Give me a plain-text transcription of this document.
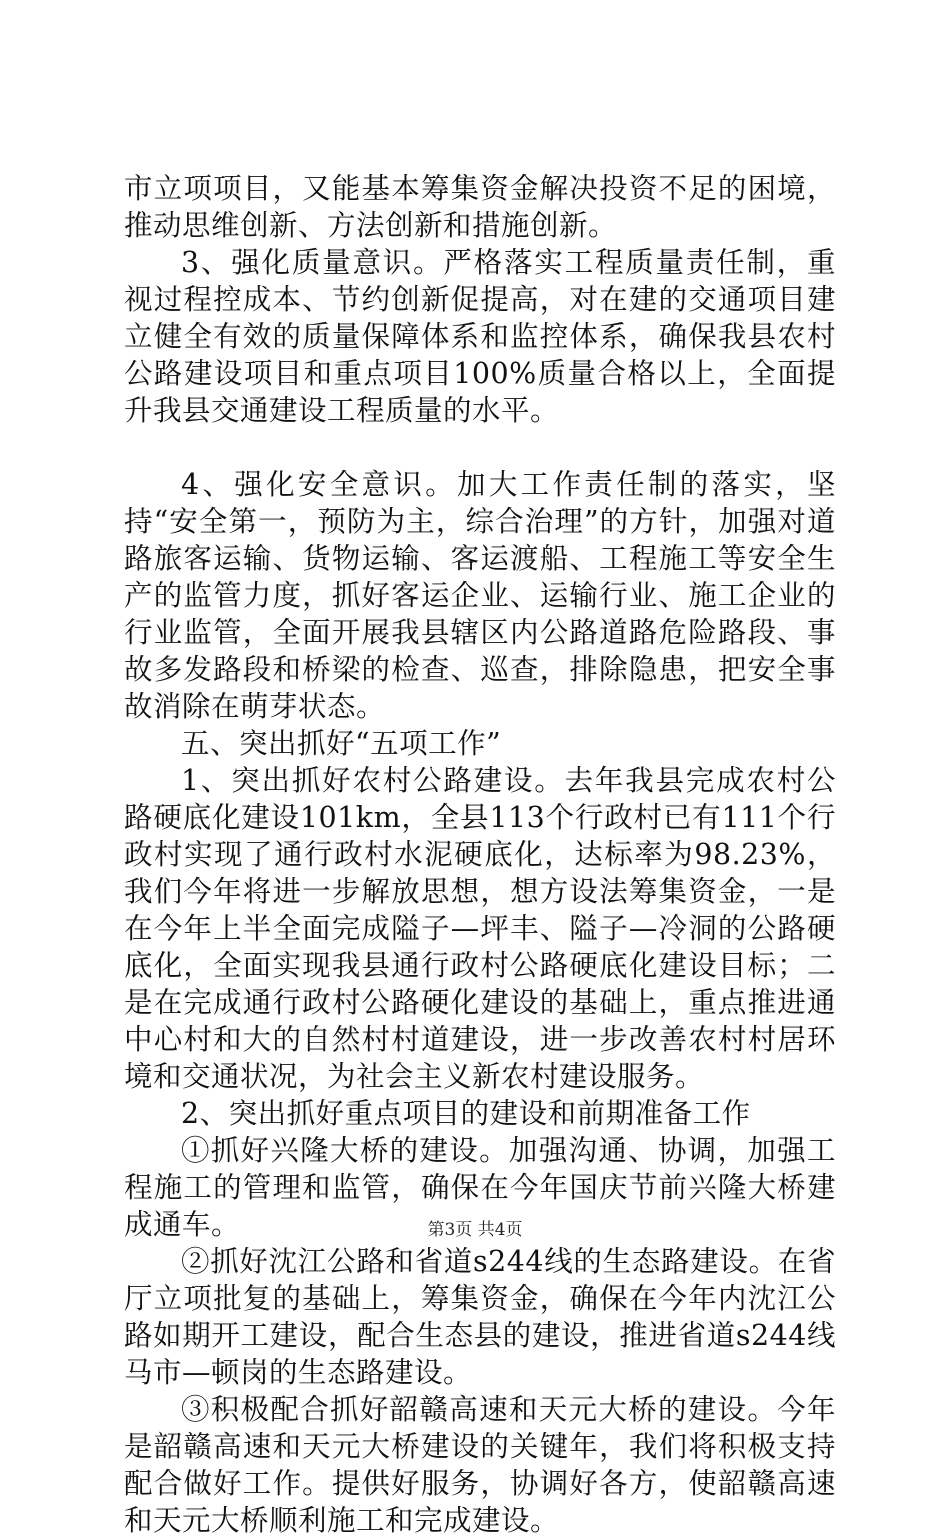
市立项项目，又能基本筹集资金解决投资不足的困境，推动思维创新、方法创新和措施创新。

3、强化质量意识。严格落实工程质量责任制，重视过程控成本、节约创新促提高，对在建的交通项目建立健全有效的质量保障体系和监控体系，确保我县农村公路建设项目和重点项目100%质量合格以上，全面提升我县交通建设工程质量的水平。

4、强化安全意识。加大工作责任制的落实，坚持“安全第一，预防为主，综合治理”的方针，加强对道路旅客运输、货物运输、客运渡船、工程施工等安全生产的监管力度，抓好客运企业、运输行业、施工企业的行业监管，全面开展我县辖区内公路道路危险路段、事故多发路段和桥梁的检查、巡查，排除隐患，把安全事故消除在萌芽状态。

五、突出抓好“五项工作”

1、突出抓好农村公路建设。去年我县完成农村公路硬底化建设101km，全县113个行政村已有111个行政村实现了通行政村水泥硬底化，达标率为98.23%，我们今年将进一步解放思想，想方设法筹集资金，一是在今年上半全面完成隘子—坪丰、隘子—冷洞的公路硬底化，全面实现我县通行政村公路硬底化建设目标；二是在完成通行政村公路硬化建设的基础上，重点推进通中心村和大的自然村村道建设，进一步改善农村村居环境和交通状况，为社会主义新农村建设服务。

2、突出抓好重点项目的建设和前期准备工作

①抓好兴隆大桥的建设。加强沟通、协调，加强工程施工的管理和监管，确保在今年国庆节前兴隆大桥建成通车。

②抓好沈江公路和省道s244线的生态路建设。在省厅立项批复的基础上，筹集资金，确保在今年内沈江公路如期开工建设，配合生态县的建设，推进省道s244线马市—顿岗的生态路建设。

③积极配合抓好韶赣高速和天元大桥的建设。今年是韶赣高速和天元大桥建设的关键年，我们将积极支持配合做好工作。提供好服务，协调好各方，使韶赣高速和天元大桥顺利施工和完成建设。

第3页 共4页
